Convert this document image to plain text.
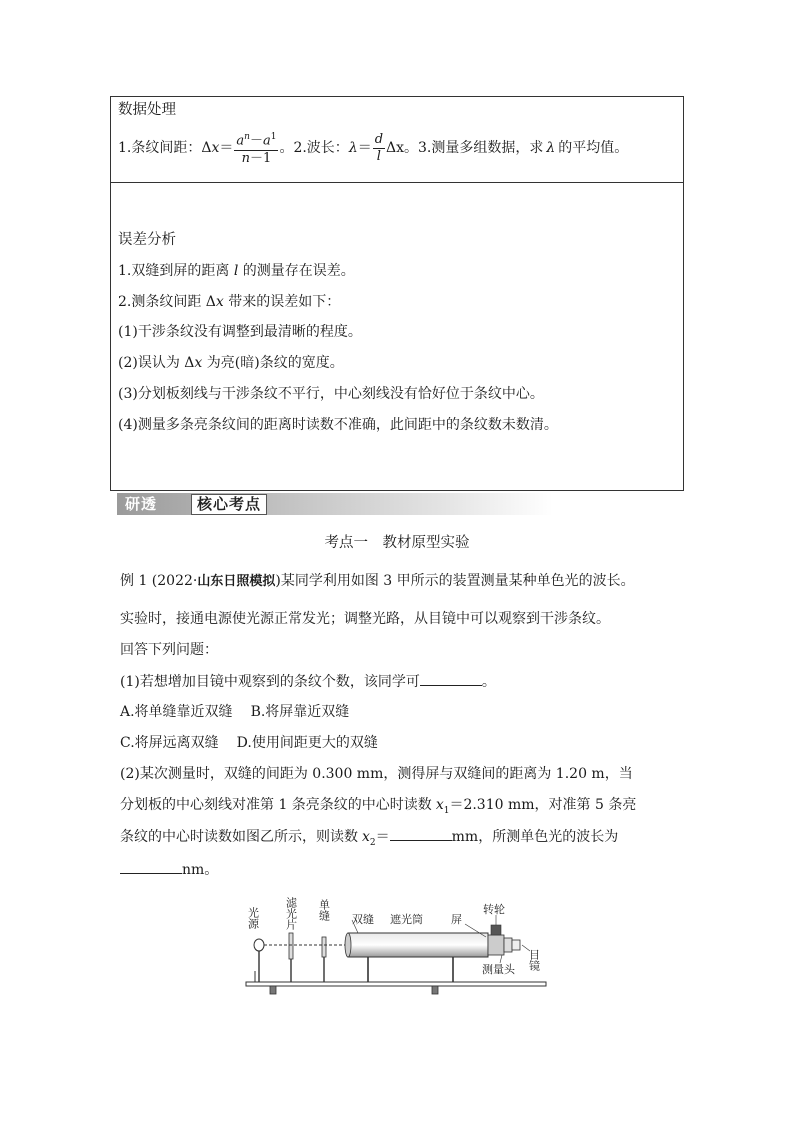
数据处理
1.条纹间距：Δ $x = \frac{a^n-a^1}{n-1}$ 。2.波长： $\lambda = \frac{d}{l}$ Δx。3.测量多组数据，求 λ 的平均值。
误差分析
1.双缝到屏的距离 l 的测量存在误差。
2.测条纹间距 Δx 带来的误差如下：
(1)干涉条纹没有调整到最清晰的程度。
(2)误认为 Δx 为亮(暗)条纹的宽度。
(3)分划板刻线与干涉条纹不平行，中心刻线没有恰好位于条纹中心。
(4)测量多条亮条纹间的距离时读数不准确，此间距中的条纹数未数清。
研透	核心考点
考点一　教材原型实验
例 1 (2022·山东日照模拟)某同学利用如图 3 甲所示的装置测量某种单色光的波长。
实验时，接通电源使光源正常发光；调整光路，从目镜中可以观察到干涉条纹。
回答下列问题：
(1)若想增加目镜中观察到的条纹个数，该同学可	。
A.将单缝靠近双缝 B.将屏靠近双缝
C.将屏远离双缝 D.使用间距更大的双缝
(2)某次测量时，双缝的间距为 0.300 mm，测得屏与双缝间的距离为 1.20 m，当
分划板的中心刻线对准第 1 条亮条纹的中心时读数 $x_1=2.310$ mm，对准第 5 条亮
条纹的中心时读数如图乙所示，则读数 $x_2=$	mm，所测单色光的波长为
nm。
光源 滤光片 单缝 双缝 遮光筒	屏
转轮
测量头 目镜
